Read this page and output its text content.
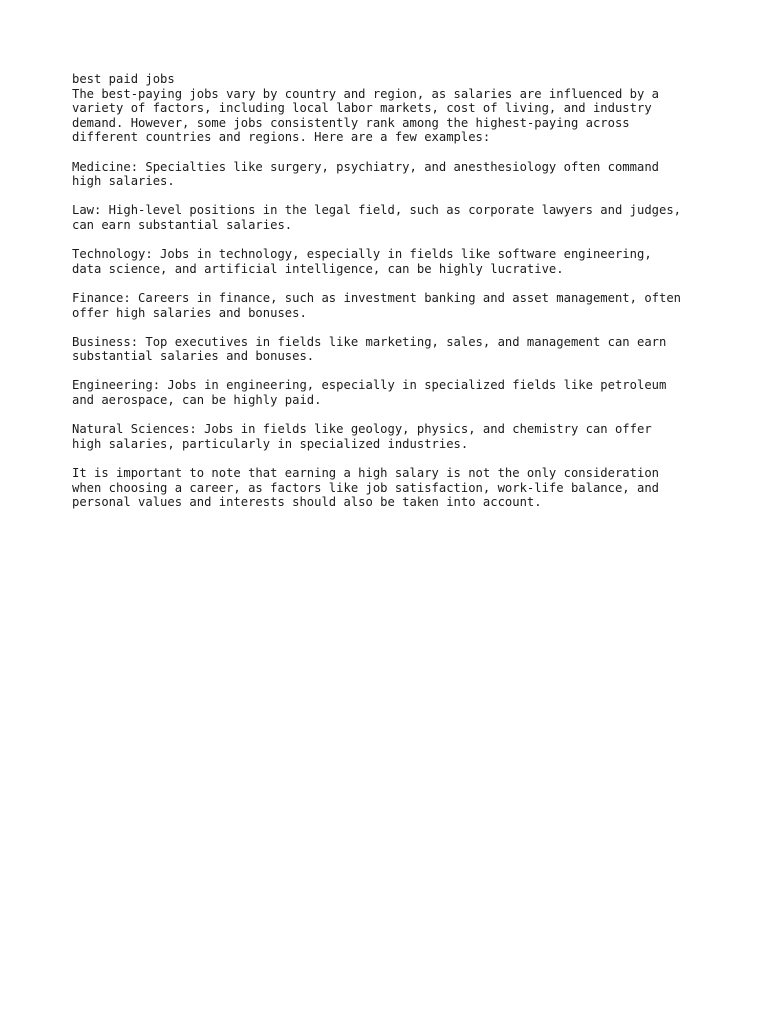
best paid jobs

The best-paying jobs vary by country and region, as salaries are influenced by a

variety of factors, including local labor markets, cost of living, and industry

demand. However, some jobs consistently rank among the highest-paying across

different countries and regions. Here are a few examples:

Medicine: Specialties like surgery, psychiatry, and anesthesiology often command

high salaries.

Law: High-level positions in the legal field, such as corporate lawyers and judges,

can earn substantial salaries.

Technology: Jobs in technology, especially in fields like software engineering,

data science, and artificial intelligence, can be highly lucrative.

Finance: Careers in finance, such as investment banking and asset management, often

offer high salaries and bonuses.

Business: Top executives in fields like marketing, sales, and management can earn

substantial salaries and bonuses.

Engineering: Jobs in engineering, especially in specialized fields like petroleum

and aerospace, can be highly paid.

Natural Sciences: Jobs in fields like geology, physics, and chemistry can offer

high salaries, particularly in specialized industries.

It is important to note that earning a high salary is not the only consideration

when choosing a career, as factors like job satisfaction, work-life balance, and

personal values and interests should also be taken into account.
